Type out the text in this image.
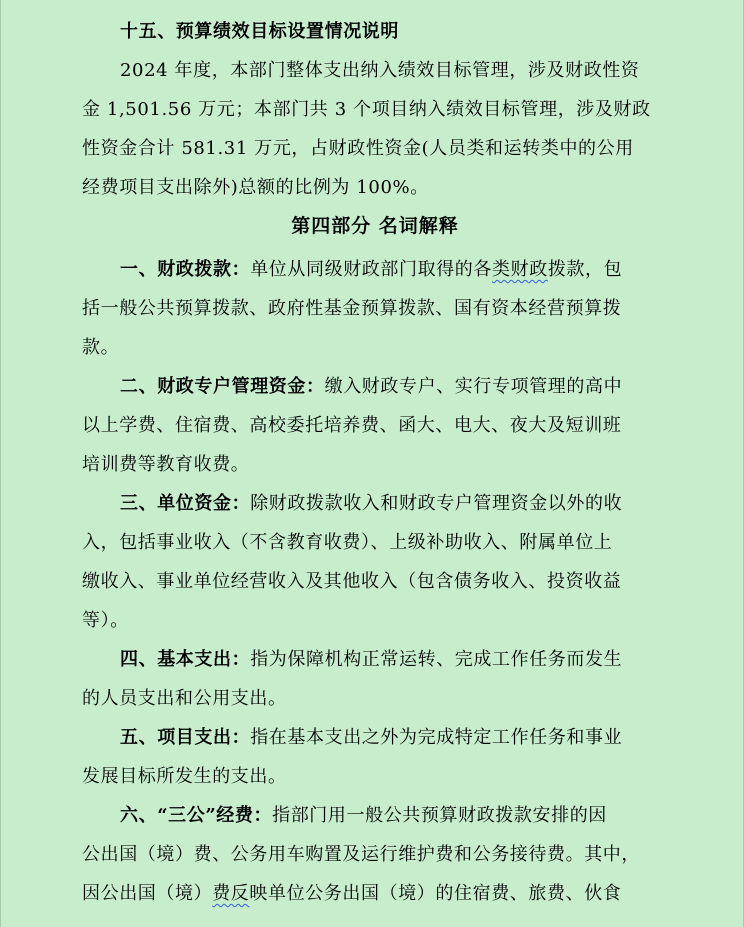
十五、预算绩效目标设置情况说明
2024 年度，本部门整体支出纳入绩效目标管理，涉及财政性资
金 1,501.56 万元；本部门共 3 个项目纳入绩效目标管理，涉及财政
性资金合计 581.31 万元，占财政性资金(人员类和运转类中的公用
经费项目支出除外)总额的比例为 100%。
第四部分 名词解释
一、财政拨款：单位从同级财政部门取得的各类财政拨款，包
括一般公共预算拨款、政府性基金预算拨款、国有资本经营预算拨
款。
二、财政专户管理资金：缴入财政专户、实行专项管理的高中
以上学费、住宿费、高校委托培养费、函大、电大、夜大及短训班
培训费等教育收费。
三、单位资金：除财政拨款收入和财政专户管理资金以外的收
入，包括事业收入（不含教育收费）、上级补助收入、附属单位上
缴收入、事业单位经营收入及其他收入（包含债务收入、投资收益
等）。
四、基本支出：指为保障机构正常运转、完成工作任务而发生
的人员支出和公用支出。
五、项目支出：指在基本支出之外为完成特定工作任务和事业
发展目标所发生的支出。
六、“三公”经费：指部门用一般公共预算财政拨款安排的因
公出国（境）费、公务用车购置及运行维护费和公务接待费。其中，
因公出国（境）费反映单位公务出国（境）的住宿费、旅费、伙食
